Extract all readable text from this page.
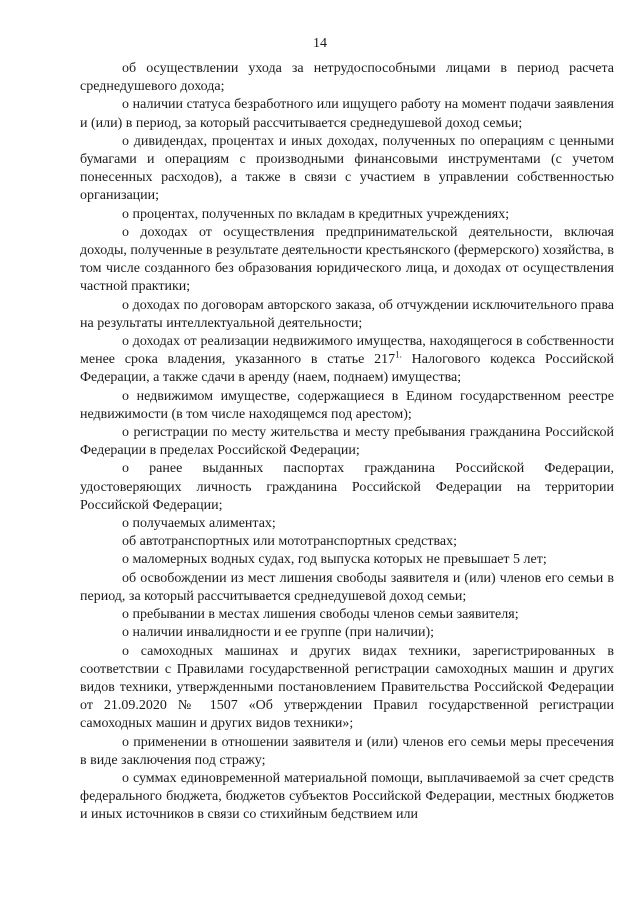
14

об осуществлении ухода за нетрудоспособными лицами в период расчета среднедушевого дохода;

о наличии статуса безработного или ищущего работу на момент подачи заявления и (или) в период, за который рассчитывается среднедушевой доход семьи;

о дивидендах, процентах и иных доходах, полученных по операциям с ценными бумагами и операциям с производными финансовыми инструментами (с учетом понесенных расходов), а также в связи с участием в управлении собственностью организации;

о процентах, полученных по вкладам в кредитных учреждениях;

о доходах от осуществления предпринимательской деятельности, включая доходы, полученные в результате деятельности крестьянского (фермерского) хозяйства, в том числе созданного без образования юридического лица, и доходах от осуществления частной практики;

о доходах по договорам авторского заказа, об отчуждении исключительного права на результаты интеллектуальной деятельности;

о доходах от реализации недвижимого имущества, находящегося в собственности менее срока владения, указанного в статье $217^{1.}$ Налогового кодекса Российской Федерации, а также сдачи в аренду (наем, поднаем) имущества;

о недвижимом имуществе, содержащиеся в Едином государственном реестре недвижимости (в том числе находящемся под арестом);

о регистрации по месту жительства и месту пребывания гражданина Российской Федерации в пределах Российской Федерации;

о ранее выданных паспортах гражданина Российской Федерации, удостоверяющих личность гражданина Российской Федерации на территории Российской Федерации;

о получаемых алиментах;

об автотранспортных или мототранспортных средствах;

о маломерных водных судах, год выпуска которых не превышает 5 лет;

об освобождении из мест лишения свободы заявителя и (или) членов его семьи в период, за который рассчитывается среднедушевой доход семьи;

о пребывании в местах лишения свободы членов семьи заявителя;

о наличии инвалидности и ее группе (при наличии);

о самоходных машинах и других видах техники, зарегистрированных в соответствии с Правилами государственной регистрации самоходных машин и других видов техники, утвержденными постановлением Правительства Российской Федерации от 21.09.2020 № 1507 «Об утверждении Правил государственной регистрации самоходных машин и других видов техники»;

о применении в отношении заявителя и (или) членов его семьи меры пресечения в виде заключения под стражу;

о суммах единовременной материальной помощи, выплачиваемой за счет средств федерального бюджета, бюджетов субъектов Российской Федерации, местных бюджетов и иных источников в связи со стихийным бедствием или
